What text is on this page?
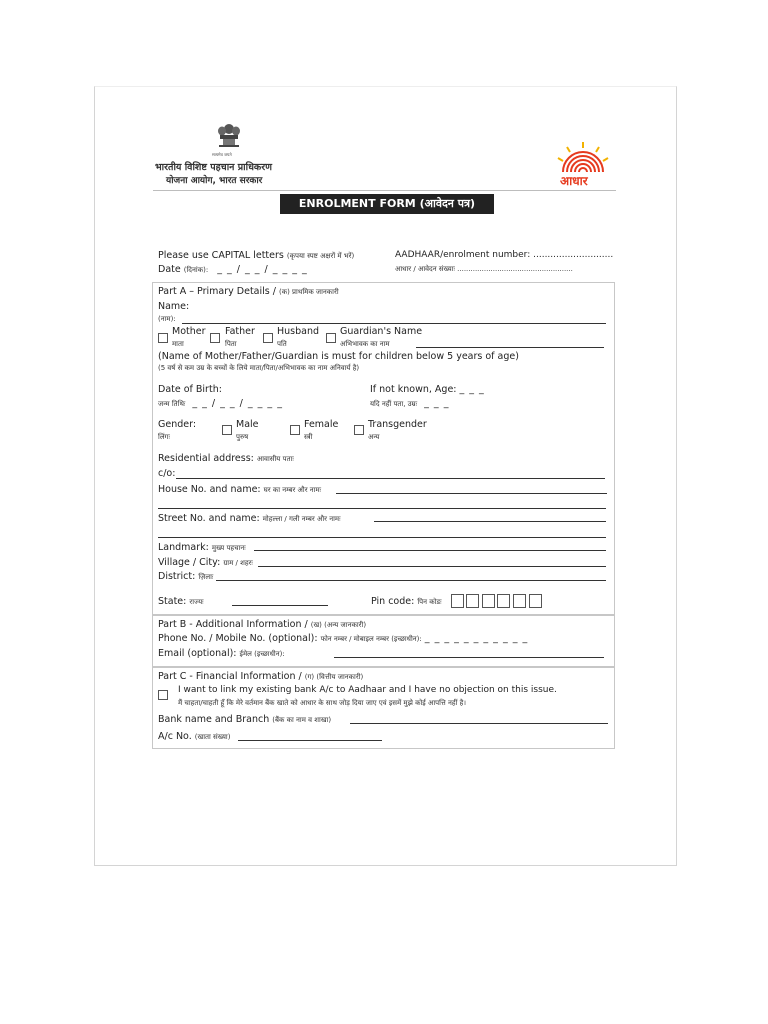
सत्यमेव जयते
भारतीय विशिष्ट पहचान प्राधिकरण
योजना आयोग, भारत सरकार	आधार
ENROLMENT FORM (आवेदन पत्र)
Please use CAPITAL letters (कृपया स्पष्ट अक्षरों में भरें)
Date (दिनांक): _ _ / _ _ / _ _ _ _
AADHAAR/enrolment number: ............................
आधार / आवेदन संख्याः ....................................................
Part A – Primary Details / (क) प्राथमिक जानकारी
Name:
(नाम):
Mother
माता
Father
पिता
Husband
पति
Guardian's Name
अभिभावक का नाम
(Name of Mother/Father/Guardian is must for children below 5 years of age)
(5 वर्ष से कम उम्र के बच्चों के लिये माता/पिता/अभिभावक का नाम अनिवार्य है)
Date of Birth:
जन्म तिथिः _ _ / _ _ / _ _ _ _
If not known, Age: _ _ _
यदि नहीं पता, उम्रः _ _ _
Gender:
लिंगः
Male
पुरुष
Female
स्त्री
Transgender
अन्य
Residential address: आवासीय पताः
c/o:
House No. and name: घर का नम्बर और नामः
Street No. and name: मोहल्ला / गली नम्बर और नामः
Landmark: मुख्य पहचानः
Village / City: ग्राम / शहरः
District: ज़िलाः
State: राज्यः	Pin code: पिन कोडः
Part B - Additional Information / (ख) (अन्य जानकारी)
Phone No. / Mobile No. (optional): फोन नम्बर / मोबाइल नम्बर (इच्छाधीन): _ _ _ _ _ _ _ _ _ _ _
Email (optional): ईमेल (इच्छाधीन):
Part C - Financial Information / (ग) (वित्तीय जानकारी)
I want to link my existing bank A/c to Aadhaar and I have no objection on this issue.
मैं चाहता/चाहती हूँ कि मेरे वर्तमान बैंक खाते को आधार के साथ जोड़ दिया जाए एवं इसमें मुझे कोई आपत्ति नहीं है।
Bank name and Branch (बैंक का नाम व शाखा)
A/c No. (खाता संख्या)
